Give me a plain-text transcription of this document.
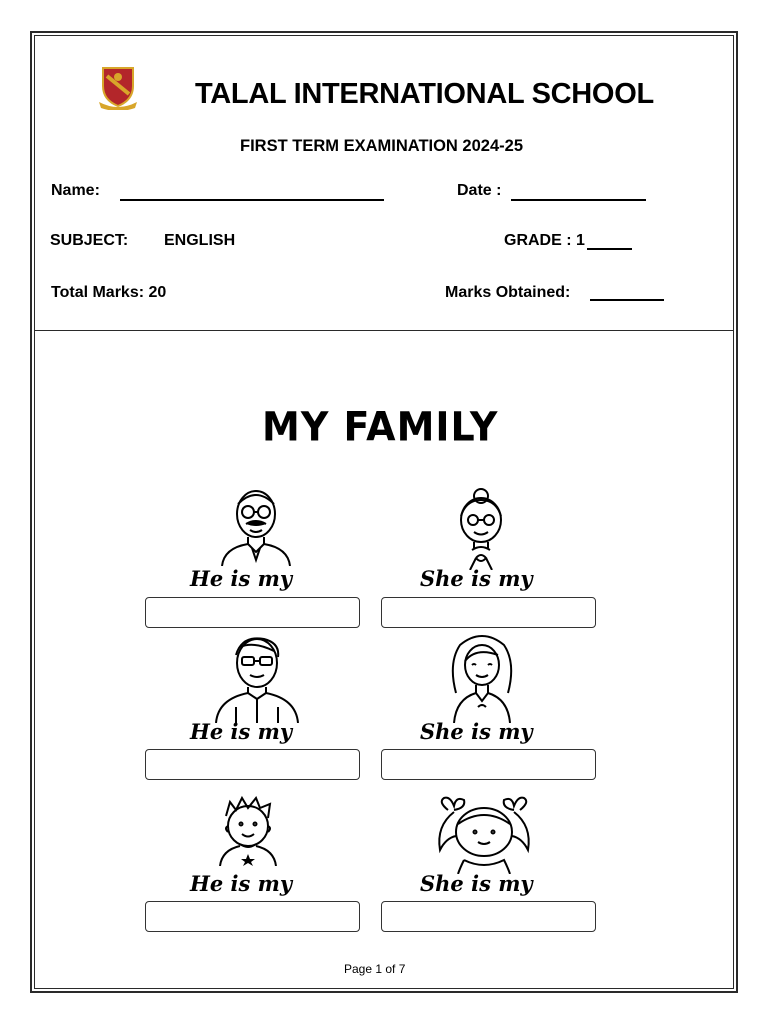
TALAL INTERNATIONAL SCHOOL
FIRST TERM EXAMINATION 2024-25
Name:	Date :
SUBJECT: ENGLISH	GRADE : 1
Total Marks: 20	Marks Obtained:
MY FAMILY
He is my	She is my
He is my	She is my
He is my	She is my
Page 1 of 7
